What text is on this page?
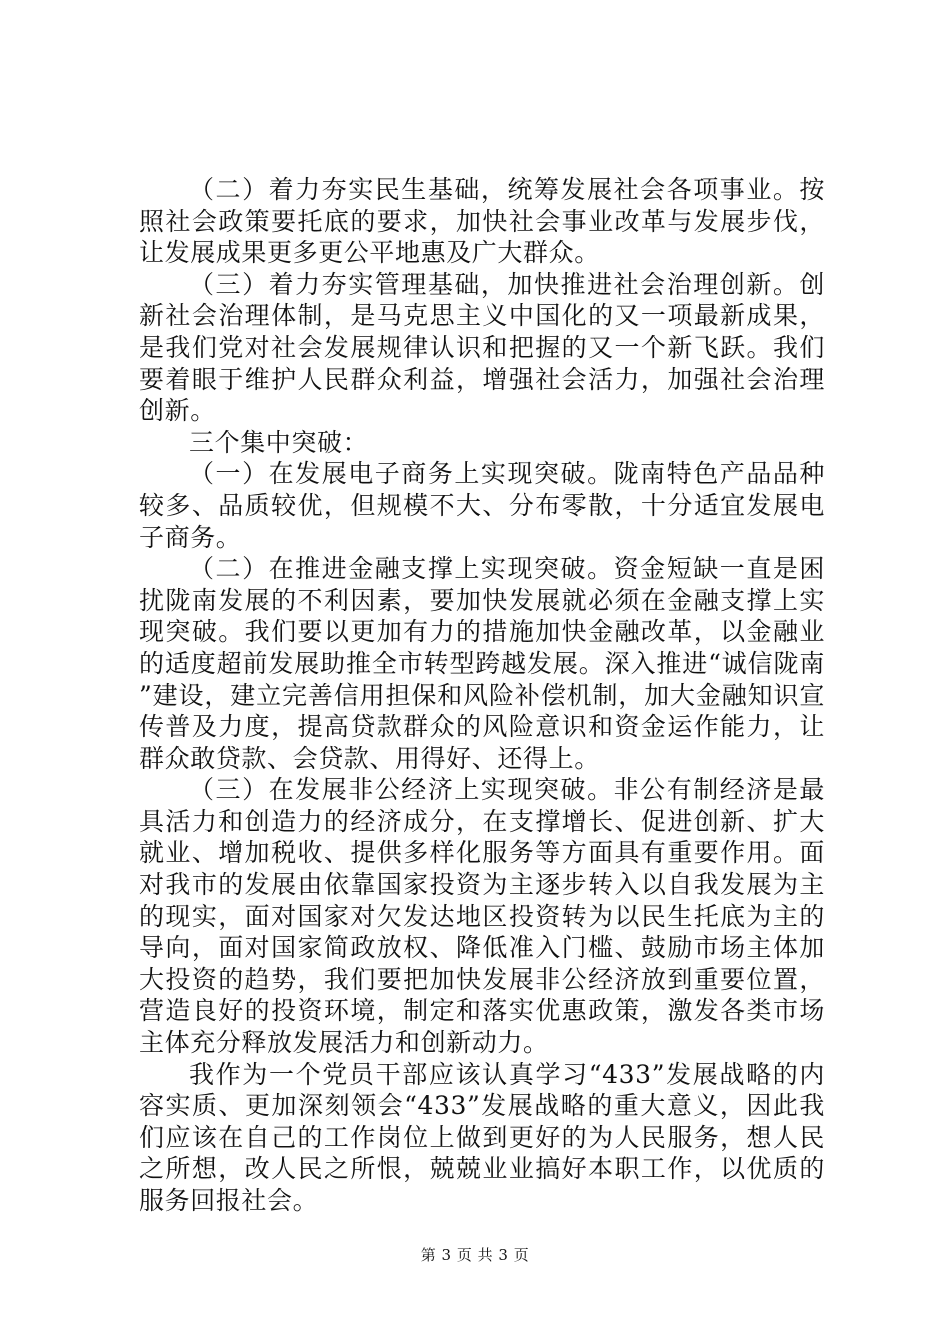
（二）着力夯实民生基础，统筹发展社会各项事业。按照社会政策要托底的要求，加快社会事业改革与发展步伐，让发展成果更多更公平地惠及广大群众。

（三）着力夯实管理基础，加快推进社会治理创新。创新社会治理体制，是马克思主义中国化的又一项最新成果，是我们党对社会发展规律认识和把握的又一个新飞跃。我们要着眼于维护人民群众利益，增强社会活力，加强社会治理创新。

三个集中突破：

（一）在发展电子商务上实现突破。陇南特色产品品种较多、品质较优，但规模不大、分布零散，十分适宜发展电子商务。

（二）在推进金融支撑上实现突破。资金短缺一直是困扰陇南发展的不利因素，要加快发展就必须在金融支撑上实现突破。我们要以更加有力的措施加快金融改革，以金融业的适度超前发展助推全市转型跨越发展。深入推进“诚信陇南”建设，建立完善信用担保和风险补偿机制，加大金融知识宣传普及力度，提高贷款群众的风险意识和资金运作能力，让群众敢贷款、会贷款、用得好、还得上。

（三）在发展非公经济上实现突破。非公有制经济是最具活力和创造力的经济成分，在支撑增长、促进创新、扩大就业、增加税收、提供多样化服务等方面具有重要作用。面对我市的发展由依靠国家投资为主逐步转入以自我发展为主的现实，面对国家对欠发达地区投资转为以民生托底为主的导向，面对国家简政放权、降低准入门槛、鼓励市场主体加大投资的趋势，我们要把加快发展非公经济放到重要位置，营造良好的投资环境，制定和落实优惠政策，激发各类市场主体充分释放发展活力和创新动力。

我作为一个党员干部应该认真学习“433”发展战略的内容实质、更加深刻领会“433”发展战略的重大意义，因此我们应该在自己的工作岗位上做到更好的为人民服务，想人民之所想，改人民之所恨，兢兢业业搞好本职工作，以优质的服务回报社会。

第 3 页 共 3 页
